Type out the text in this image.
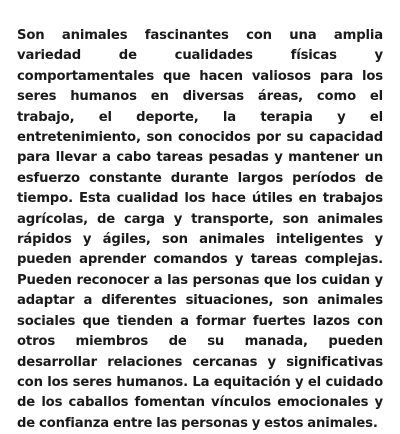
Son animales fascinantes con una amplia variedad de cualidades físicas y comportamentales que hacen valiosos para los seres humanos en diversas áreas, como el trabajo, el deporte, la terapia y el entretenimiento, son conocidos por su capacidad para llevar a cabo tareas pesadas y mantener un esfuerzo constante durante largos períodos de tiempo. Esta cualidad los hace útiles en trabajos agrícolas, de carga y transporte, son animales rápidos y ágiles, son animales inteligentes y pueden aprender comandos y tareas complejas. Pueden reconocer a las personas que los cuidan y adaptar a diferentes situaciones, son animales sociales que tienden a formar fuertes lazos con otros miembros de su manada, pueden desarrollar relaciones cercanas y significativas con los seres humanos. La equitación y el cuidado de los caballos fomentan vínculos emocionales y de confianza entre las personas y estos animales.
